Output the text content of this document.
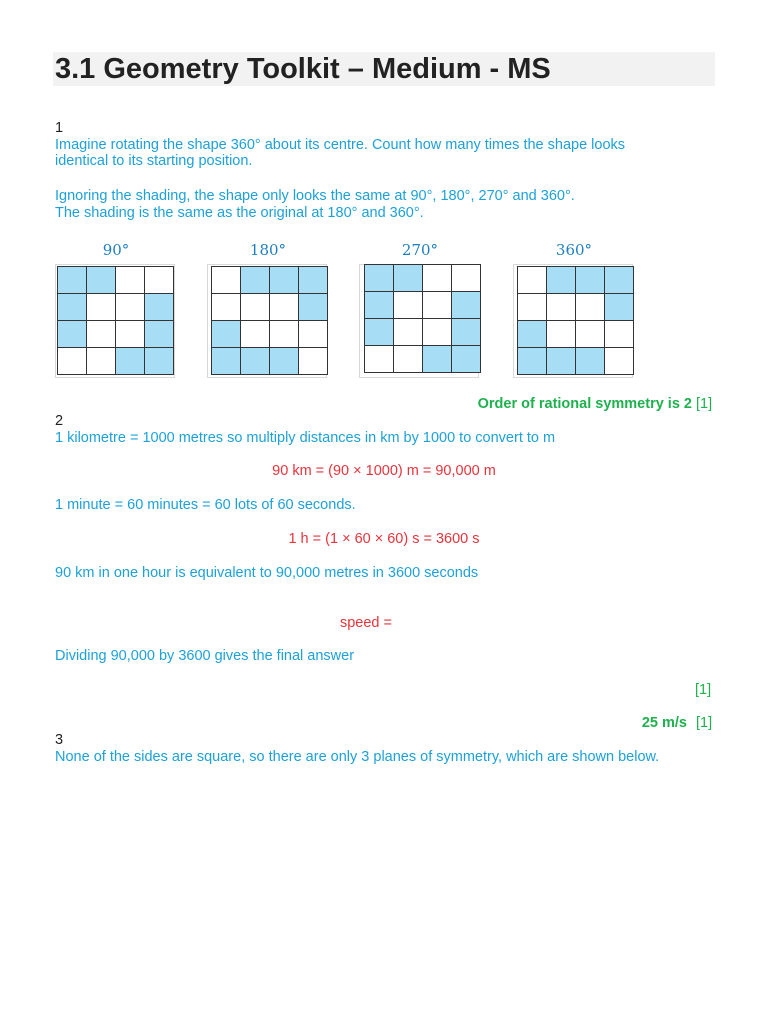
3.1 Geometry Toolkit – Medium - MS
1
Imagine rotating the shape 360° about its centre. Count how many times the shape looks
identical to its starting position.
Ignoring the shading, the shape only looks the same at 90°, 180°, 270° and 360°.
The shading is the same as the original at 180° and 360°.
90°	180°	270°	360°
Order of rational symmetry is 2 [1]
2
1 kilometre = 1000 metres so multiply distances in km by 1000 to convert to m
90 km = (90 × 1000) m = 90,000 m
1 minute = 60 minutes = 60 lots of 60 seconds.
1 h = (1 × 60 × 60) s = 3600 s
90 km in one hour is equivalent to 90,000 metres in 3600 seconds
speed =
Dividing 90,000 by 3600 gives the final answer
[1]
25 m/s [1]
3
None of the sides are square, so there are only 3 planes of symmetry, which are shown below.
